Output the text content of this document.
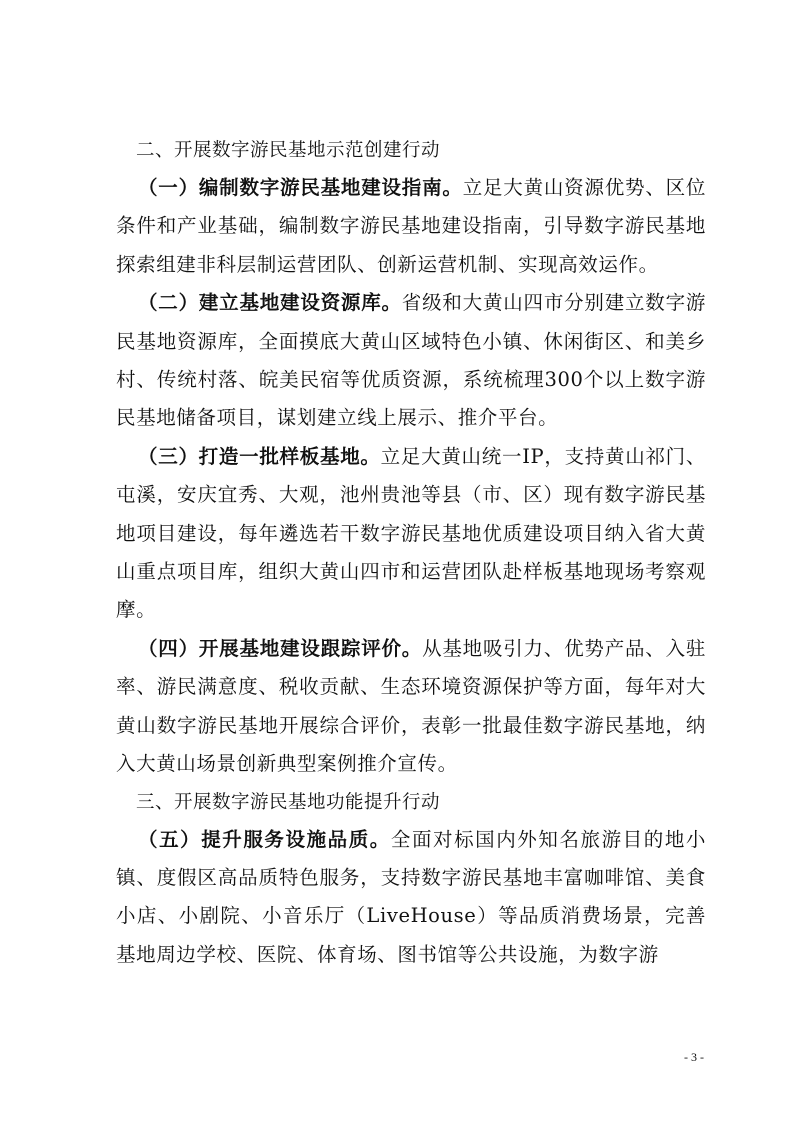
二、开展数字游民基地示范创建行动

（一）编制数字游民基地建设指南。立足大黄山资源优势、区位条件和产业基础，编制数字游民基地建设指南，引导数字游民基地探索组建非科层制运营团队、创新运营机制、实现高效运作。

（二）建立基地建设资源库。省级和大黄山四市分别建立数字游民基地资源库，全面摸底大黄山区域特色小镇、休闲街区、和美乡村、传统村落、皖美民宿等优质资源，系统梳理300个以上数字游民基地储备项目，谋划建立线上展示、推介平台。

（三）打造一批样板基地。立足大黄山统一IP，支持黄山祁门、屯溪，安庆宜秀、大观，池州贵池等县（市、区）现有数字游民基地项目建设，每年遴选若干数字游民基地优质建设项目纳入省大黄山重点项目库，组织大黄山四市和运营团队赴样板基地现场考察观摩。

（四）开展基地建设跟踪评价。从基地吸引力、优势产品、入驻率、游民满意度、税收贡献、生态环境资源保护等方面，每年对大黄山数字游民基地开展综合评价，表彰一批最佳数字游民基地，纳入大黄山场景创新典型案例推介宣传。

三、开展数字游民基地功能提升行动

（五）提升服务设施品质。全面对标国内外知名旅游目的地小镇、度假区高品质特色服务，支持数字游民基地丰富咖啡馆、美食小店、小剧院、小音乐厅（LiveHouse）等品质消费场景，完善基地周边学校、医院、体育场、图书馆等公共设施，为数字游

- 3 -
